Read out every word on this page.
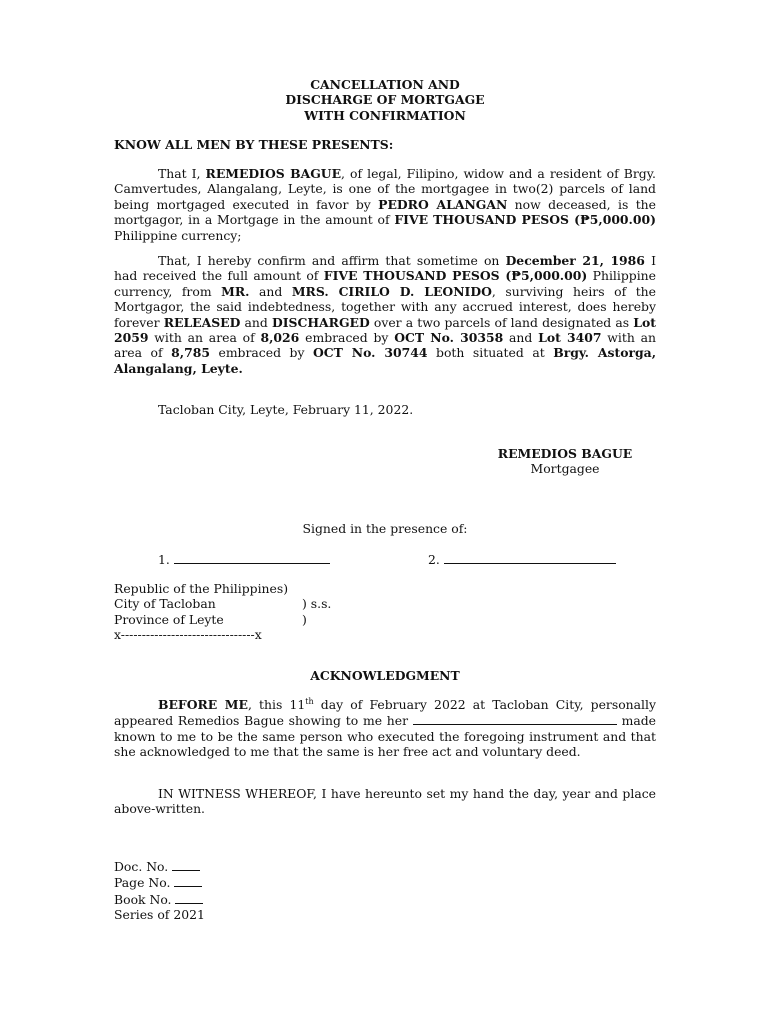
CANCELLATION AND
DISCHARGE OF MORTGAGE
WITH CONFIRMATION
KNOW ALL MEN BY THESE PRESENTS:

That I, REMEDIOS BAGUE, of legal, Filipino, widow and a resident of Brgy. Camvertudes, Alangalang, Leyte, is one of the mortgagee in two(2) parcels of land being mortgaged executed in favor by PEDRO ALANGAN now deceased, is the mortgagor, in a Mortgage in the amount of FIVE THOUSAND PESOS (₱5,000.00) Philippine currency;

That, I hereby confirm and affirm that sometime on December 21, 1986 I had received the full amount of FIVE THOUSAND PESOS (₱5,000.00) Philippine currency, from MR. and MRS. CIRILO D. LEONIDO, surviving heirs of the Mortgagor, the said indebtedness, together with any accrued interest, does hereby forever RELEASED and DISCHARGED over a two parcels of land designated as Lot 2059 with an area of 8,026 embraced by OCT No. 30358 and Lot 3407 with an area of 8,785 embraced by OCT No. 30744 both situated at Brgy. Astorga, Alangalang, Leyte.

Tacloban City, Leyte, February 11, 2022.
REMEDIOS BAGUE
Mortgagee
Signed in the presence of:
1.	2.
Republic of the Philippines)
City of Tacloban	) s.s.
Province of Leyte	)
x--------------------------------x
ACKNOWLEDGMENT

BEFORE ME, this 11th day of February 2022 at Tacloban City, personally appeared Remedios Bague showing to me her	made known to me to be the same person who executed the foregoing instrument and that she acknowledged to me that the same is her free act and voluntary deed.

IN WITNESS WHEREOF, I have hereunto set my hand the day, year and place above-written.

Doc. No.
Page No.
Book No.
Series of 2021
